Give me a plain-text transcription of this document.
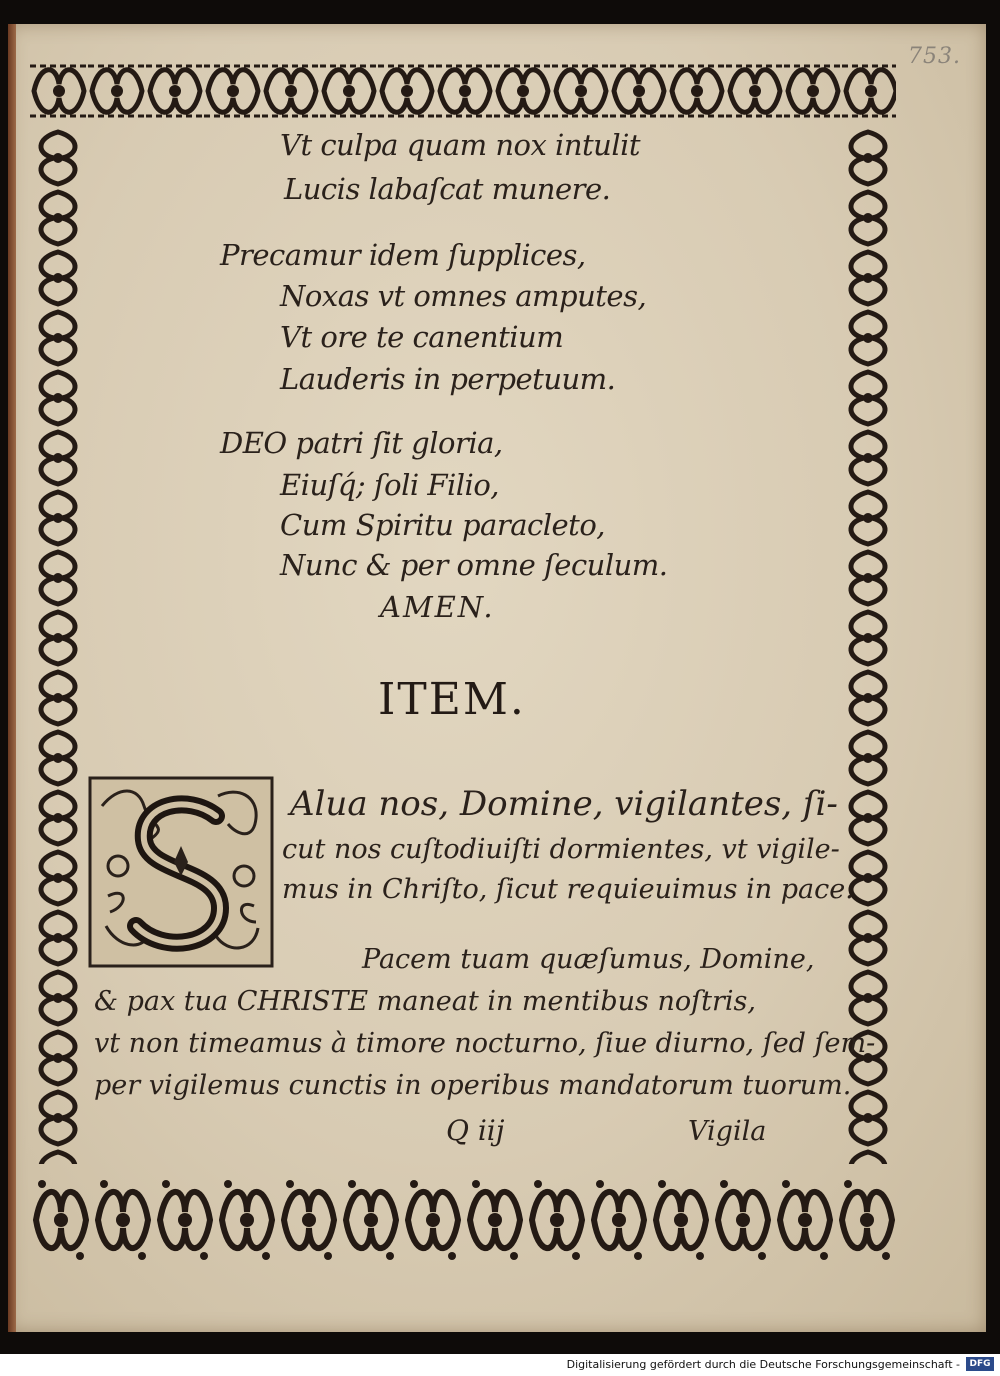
753.
Vt culpa quam nox intulit
Lucis labaſcat munere.
Precamur idem ſupplices,
Noxas vt omnes amputes,
Vt ore te canentium
Lauderis in perpetuum.
DEO patri ſit gloria,
Eiuſq́; ſoli Filio,
Cum Spiritu paracleto,
Nunc & per omne ſeculum.
AMEN.
ITEM.
Alua nos, Domine, vigilantes, ſi-
cut nos cuſtodiuiſti dormientes, vt vigile-
mus in Chriſto, ſicut requieuimus in pace.
Pacem tuam quæſumus, Domine,
& pax tua CHRISTE maneat in mentibus noſtris,
vt non timeamus à timore nocturno, ſiue diurno, ſed ſem-
per vigilemus cunctis in operibus mandatorum tuorum.
Q iij	Vigila
Digitalisierung gefördert durch die Deutsche Forschungsgemeinschaft -	DFG
